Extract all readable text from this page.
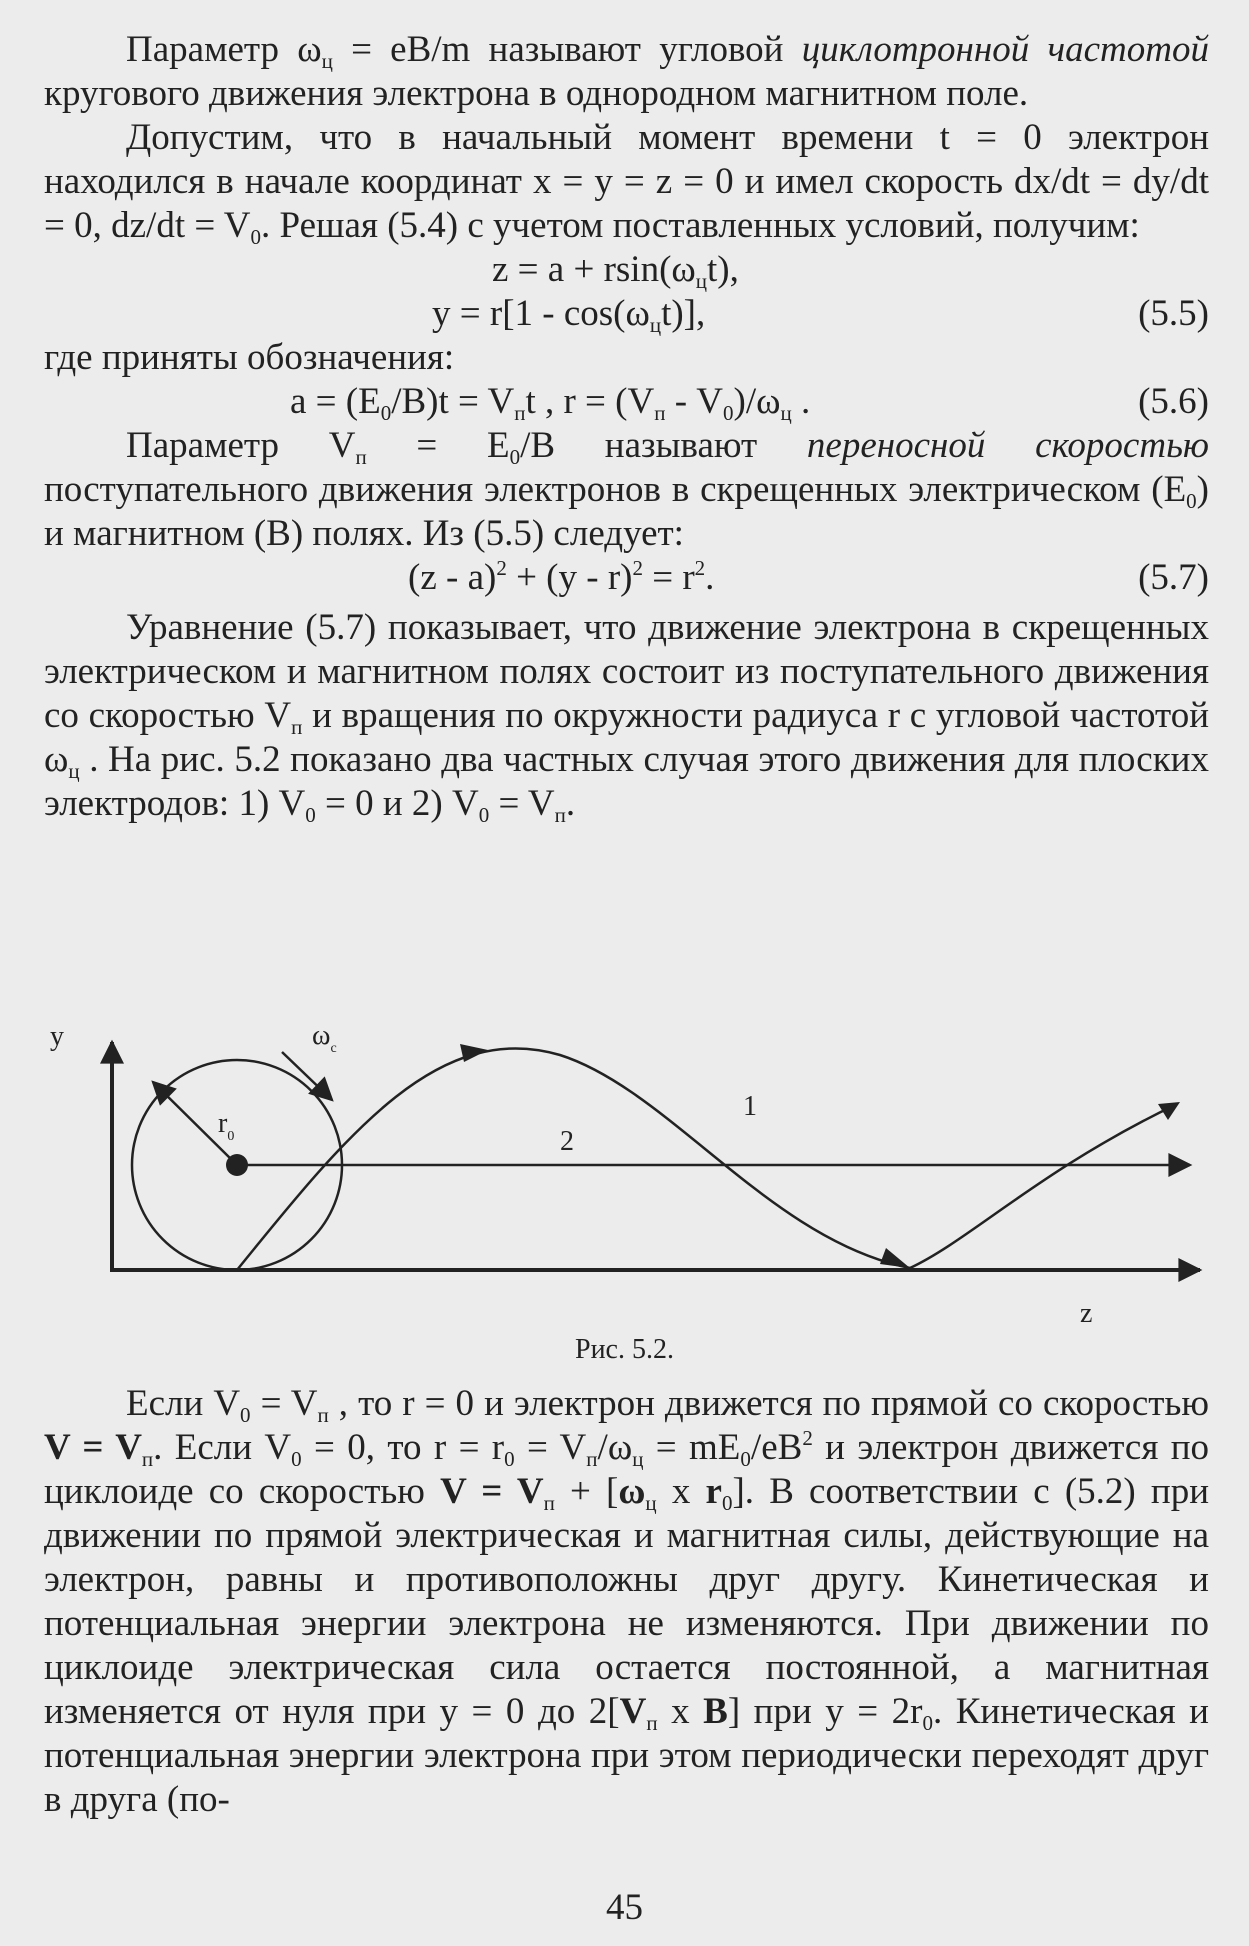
Параметр $\omega_ц = eB/m$ называют угловой циклотронной частотой кругового движения электрона в однородном магнитном поле.

Допустим, что в начальный момент времени t = 0 электрон находился в начале координат x = y = z = 0 и имел скорость dx/dt = dy/dt = 0, $dz/dt = V_0$. Решая (5.4) с учетом поставленных условий, получим:

$z = a + rsin(\omega_цt)$,
$y = r[1 - \cos(\omega_цt)]$,	(5.5)

где приняты обозначения:

$a = (E_0/B)t = V_пt$ , $r = (V_п - V_0)/\omega_ц$ .	(5.6)

Параметр $V_п = E_0/B$ называют переносной скоростью поступательного движения электронов в скрещенных электрическом $(E_0)$ и магнитном (B) полях. Из (5.5) следует:

$(z - a)^2 + (y - r)^2 = r^2$.	(5.7)

Уравнение (5.7) показывает, что движение электрона в скрещенных электрическом и магнитном полях состоит из поступательного движения со скоростью $V_п$ и вращения по окружности радиуса r с угловой частотой $\omega_ц$ . На рис. 5.2 показано два частных случая этого движения для плоских электродов: 1) $V_0 = 0$ и 2) $V_0 = V_п$.

y
z
$\omega_c$
$r_0$
1
2
Рис. 5.2.

Если $V_0 = V_п$ , то r = 0 и электрон движется по прямой со скоростью $V = V_п$. Если $V_0 = 0$, то $r = r_0 = V_п/\omega_ц = mE_0/eB^2$ и электрон движется по циклоиде со скоростью $V = V_п + [\omega_ц$ x $r_0$]. В соответствии с (5.2) при движении по прямой электрическая и магнитная силы, действующие на электрон, равны и противоположны друг другу. Кинетическая и потенциальная энергии электрона не изменяются. При движении по циклоиде электрическая сила остается постоянной, а магнитная изменяется от нуля при y = 0 до $2[V_п$ x B] при $y = 2r_0$. Кинетическая и потенциальная энергии электрона при этом периодически переходят друг в друга (по-

45
